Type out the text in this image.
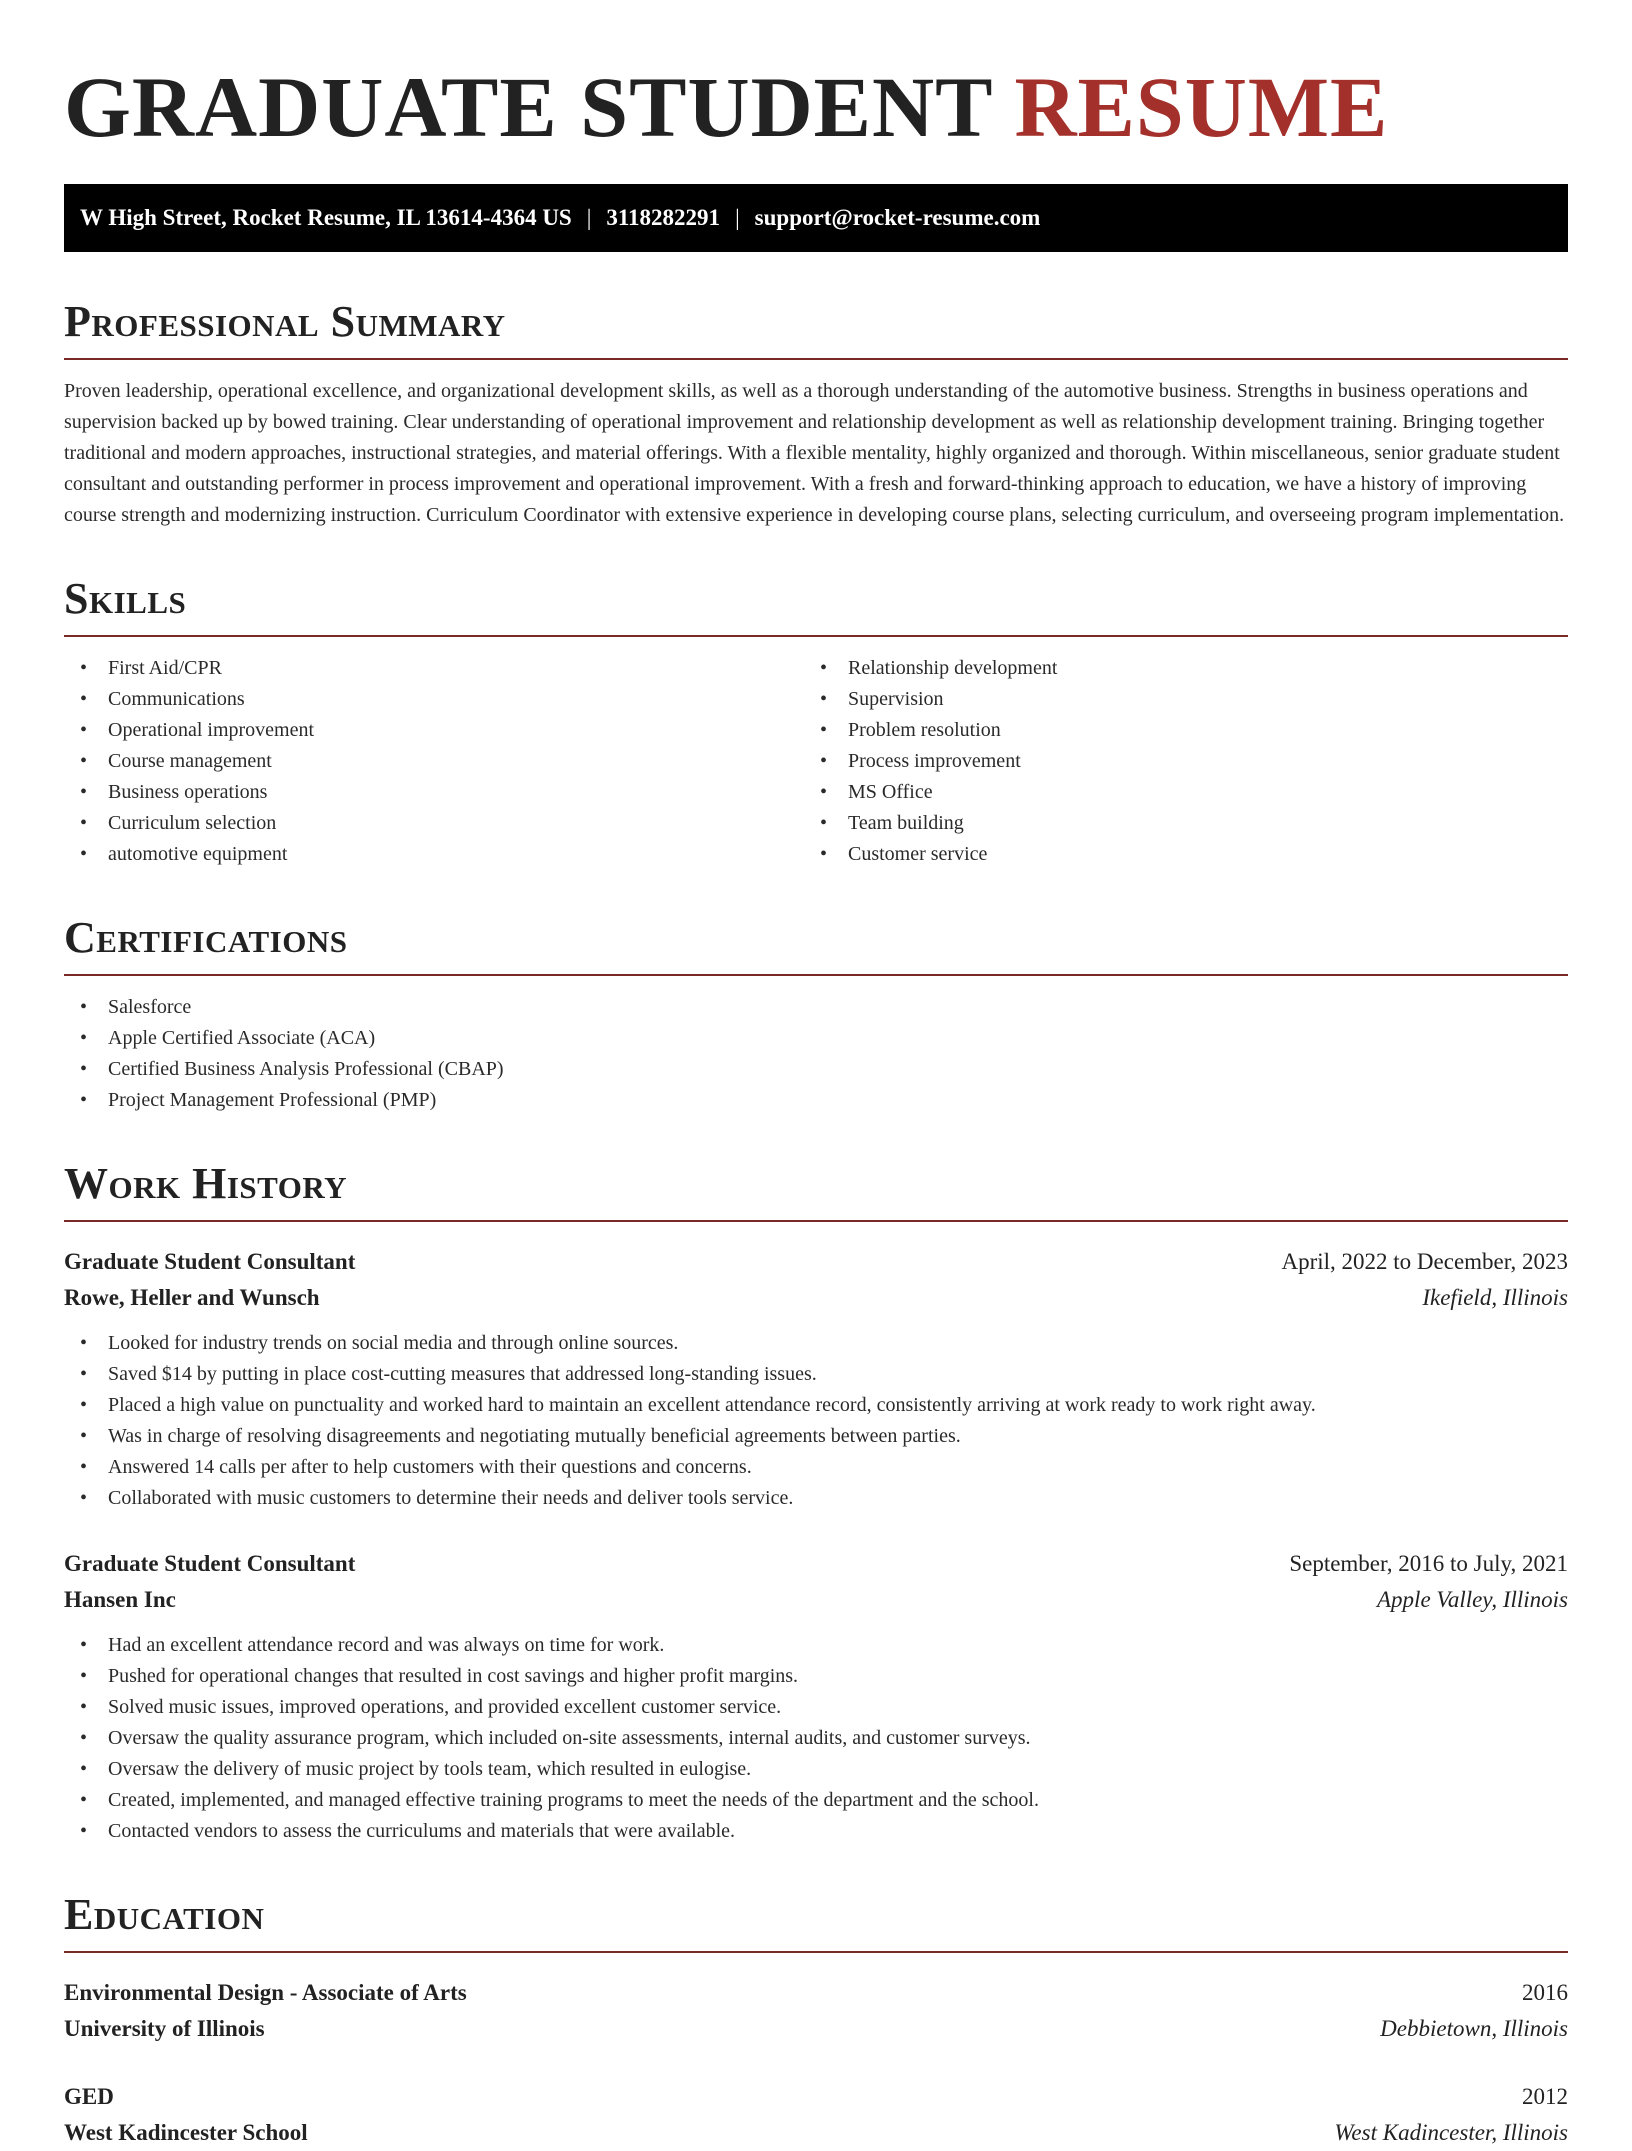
GRADUATE STUDENT RESUME
W High Street, Rocket Resume, IL 13614-4364 US | 3118282291 | support@rocket-resume.com
Professional Summary
Proven leadership, operational excellence, and organizational development skills, as well as a thorough understanding of the automotive business. Strengths in business operations and supervision backed up by bowed training. Clear understanding of operational improvement and relationship development as well as relationship development training. Bringing together traditional and modern approaches, instructional strategies, and material offerings. With a flexible mentality, highly organized and thorough. Within miscellaneous, senior graduate student consultant and outstanding performer in process improvement and operational improvement. With a fresh and forward-thinking approach to education, we have a history of improving course strength and modernizing instruction. Curriculum Coordinator with extensive experience in developing course plans, selecting curriculum, and overseeing program implementation.
Skills
• First Aid/CPR
• Communications
• Operational improvement
• Course management
• Business operations
• Curriculum selection
• automotive equipment
• Relationship development
• Supervision
• Problem resolution
• Process improvement
• MS Office
• Team building
• Customer service
Certifications
• Salesforce
• Apple Certified Associate (ACA)
• Certified Business Analysis Professional (CBAP)
• Project Management Professional (PMP)
Work History
Graduate Student Consultant	April, 2022 to December, 2023
Rowe, Heller and Wunsch	Ikefield, Illinois
• Looked for industry trends on social media and through online sources.
• Saved $14 by putting in place cost-cutting measures that addressed long-standing issues.
• Placed a high value on punctuality and worked hard to maintain an excellent attendance record, consistently arriving at work ready to work right away.
• Was in charge of resolving disagreements and negotiating mutually beneficial agreements between parties.
• Answered 14 calls per after to help customers with their questions and concerns.
• Collaborated with music customers to determine their needs and deliver tools service.
Graduate Student Consultant	September, 2016 to July, 2021
Hansen Inc	Apple Valley, Illinois
• Had an excellent attendance record and was always on time for work.
• Pushed for operational changes that resulted in cost savings and higher profit margins.
• Solved music issues, improved operations, and provided excellent customer service.
• Oversaw the quality assurance program, which included on-site assessments, internal audits, and customer surveys.
• Oversaw the delivery of music project by tools team, which resulted in eulogise.
• Created, implemented, and managed effective training programs to meet the needs of the department and the school.
• Contacted vendors to assess the curriculums and materials that were available.
Education
Environmental Design - Associate of Arts	2016
University of Illinois	Debbietown, Illinois
GED	2012
West Kadincester School	West Kadincester, Illinois
